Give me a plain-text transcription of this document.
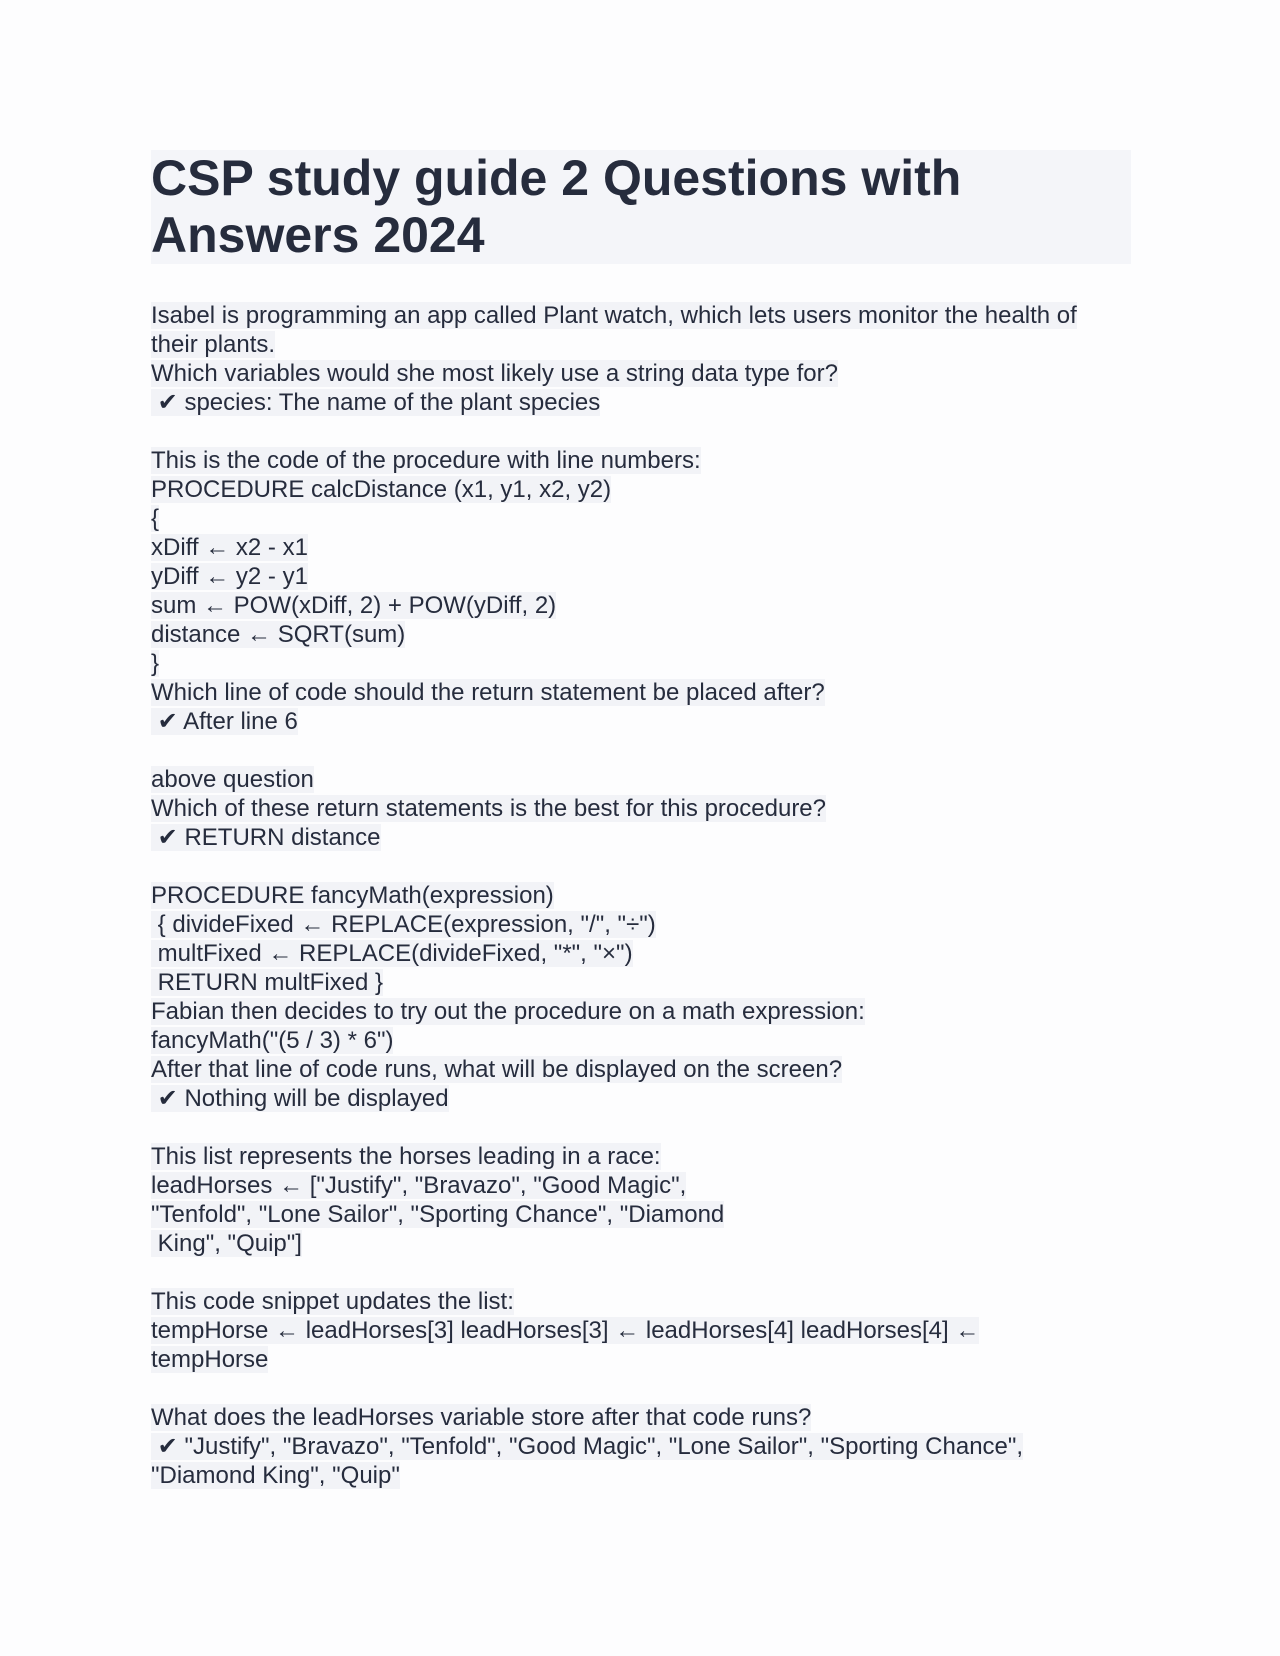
CSP study guide 2 Questions with Answers 2024
Isabel is programming an app called Plant watch, which lets users monitor the health of
their plants.
Which variables would she most likely use a string data type for?
✔ species: The name of the plant species
This is the code of the procedure with line numbers:
PROCEDURE calcDistance (x1, y1, x2, y2)
{
xDiff ← x2 - x1
yDiff ← y2 - y1
sum ← POW(xDiff, 2) + POW(yDiff, 2)
distance ← SQRT(sum)
}
Which line of code should the return statement be placed after?
✔ After line 6
above question
Which of these return statements is the best for this procedure?
✔ RETURN distance
PROCEDURE fancyMath(expression)
{ divideFixed ← REPLACE(expression, "/", "÷")
multFixed ← REPLACE(divideFixed, "*", "×")
RETURN multFixed }
Fabian then decides to try out the procedure on a math expression:
fancyMath("(5 / 3) * 6")
After that line of code runs, what will be displayed on the screen?
✔ Nothing will be displayed
This list represents the horses leading in a race:
leadHorses ← ["Justify", "Bravazo", "Good Magic",
"Tenfold", "Lone Sailor", "Sporting Chance", "Diamond
King", "Quip"]
This code snippet updates the list:
tempHorse ← leadHorses[3] leadHorses[3] ← leadHorses[4] leadHorses[4] ←
tempHorse
What does the leadHorses variable store after that code runs?
✔ "Justify", "Bravazo", "Tenfold", "Good Magic", "Lone Sailor", "Sporting Chance",
"Diamond King", "Quip"
